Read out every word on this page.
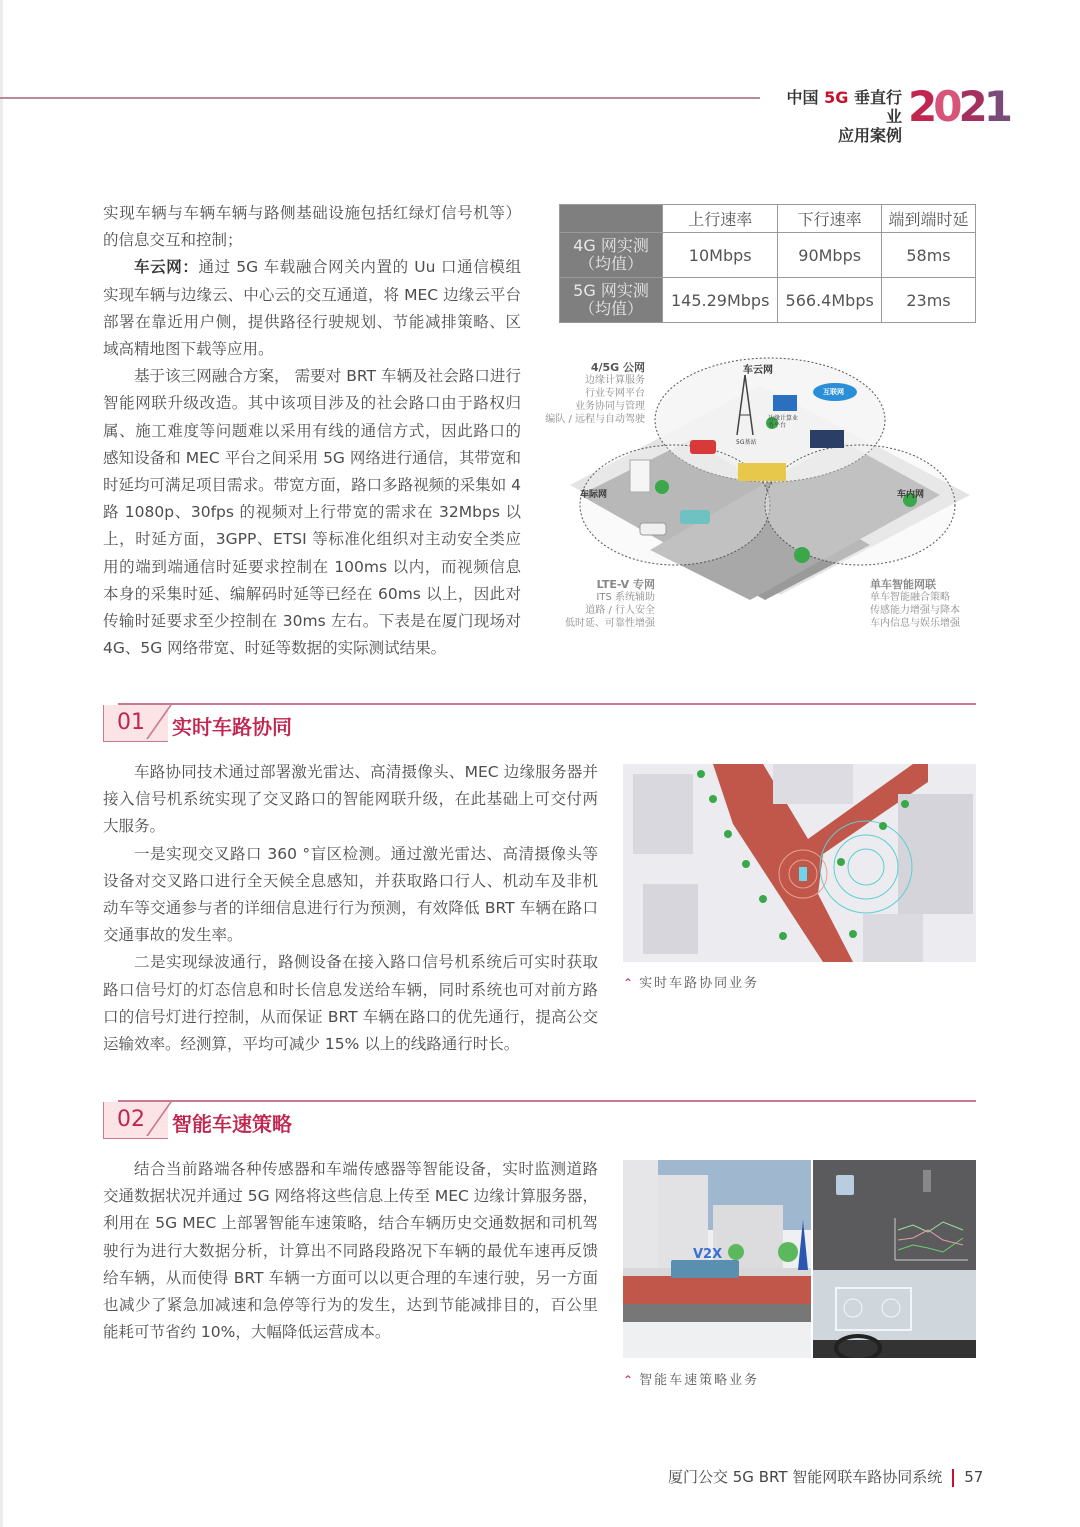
中国 5G 垂直行业
应用案例
2021

实现车辆与车辆车辆与路侧基础设施包括红绿灯信号机等）的信息交互和控制；

车云网：通过 5G 车载融合网关内置的 Uu 口通信模组实现车辆与边缘云、中心云的交互通道，将 MEC 边缘云平台部署在靠近用户侧，提供路径行驶规划、节能减排策略、区域高精地图下载等应用。

基于该三网融合方案， 需要对 BRT 车辆及社会路口进行智能网联升级改造。其中该项目涉及的社会路口由于路权归属、施工难度等问题难以采用有线的通信方式，因此路口的感知设备和 MEC 平台之间采用 5G 网络进行通信，其带宽和时延均可满足项目需求。带宽方面，路口多路视频的采集如 4 路 1080p、30fps 的视频对上行带宽的需求在 32Mbps 以上，时延方面，3GPP、ETSI 等标准化组织对主动安全类应用的端到端通信时延要求控制在 100ms 以内，而视频信息本身的采集时延、编解码时延等已经在 60ms 以上，因此对传输时延要求至少控制在 30ms 左右。下表是在厦门现场对 4G、5G 网络带宽、时延等数据的实际测试结果。

	上行速率	下行速率	端到端时延

4G 网实测
（均值）	10Mbps	90Mbps	58ms

5G 网实测
（均值）	145.29Mbps	566.4Mbps	23ms
4/5G 公网
边缘计算服务
行业专网平台
业务协同与管理
编队 / 远程与自动驾驶
车云网
互联网
边缘计算业务平台
5G基站
车际网	车内网
LTE-V 专网
ITS 系统辅助
道路 / 行人安全
低时延、可靠性增强
单车智能网联
单车智能融合策略
传感能力增强与降本
车内信息与娱乐增强
01 实时车路协同

车路协同技术通过部署激光雷达、高清摄像头、MEC 边缘服务器并接入信号机系统实现了交叉路口的智能网联升级，在此基础上可交付两大服务。

一是实现交叉路口 360 °盲区检测。通过激光雷达、高清摄像头等设备对交叉路口进行全天候全息感知，并获取路口行人、机动车及非机动车等交通参与者的详细信息进行行为预测，有效降低 BRT 车辆在路口交通事故的发生率。

二是实现绿波通行，路侧设备在接入路口信号机系统后可实时获取路口信号灯的灯态信息和时长信息发送给车辆，同时系统也可对前方路口的信号灯进行控制，从而保证 BRT 车辆在路口的优先通行，提高公交运输效率。经测算，平均可减少 15% 以上的线路通行时长。

⌃ 实时车路协同业务
02 智能车速策略

结合当前路端各种传感器和车端传感器等智能设备，实时监测道路交通数据状况并通过 5G 网络将这些信息上传至 MEC 边缘计算服务器，利用在 5G MEC 上部署智能车速策略，结合车辆历史交通数据和司机驾驶行为进行大数据分析，计算出不同路段路况下车辆的最优车速再反馈给车辆，从而使得 BRT 车辆一方面可以以更合理的车速行驶，另一方面也减少了紧急加减速和急停等行为的发生，达到节能减排目的，百公里能耗可节省约 10%，大幅降低运营成本。

V2X
⌃ 智能车速策略业务
厦门公交 5G BRT 智能网联车路协同系统 57
